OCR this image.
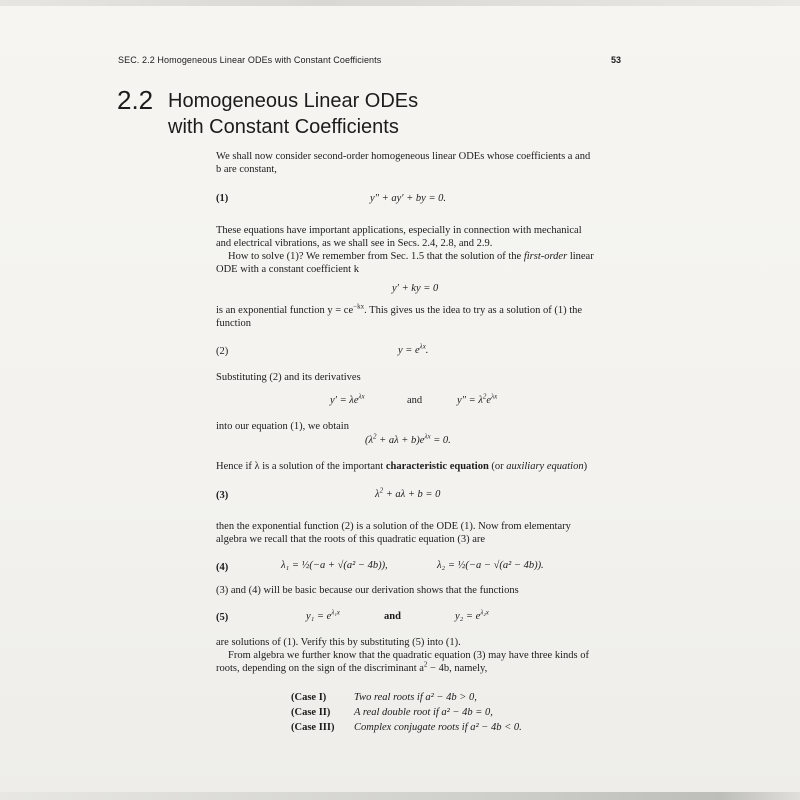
SEC. 2.2 Homogeneous Linear ODEs with Constant Coefficients	53
2.2 Homogeneous Linear ODEs
with Constant Coefficients
We shall now consider second-order homogeneous linear ODEs whose coefficients a and
b are constant,
(1)	y″ + ay′ + by = 0.
These equations have important applications, especially in connection with mechanical
and electrical vibrations, as we shall see in Secs. 2.4, 2.8, and 2.9.
How to solve (1)? We remember from Sec. 1.5 that the solution of the first-order linear
ODE with a constant coefficient k
y′ + ky = 0
is an exponential function $y = ce^{-kx}$. This gives us the idea to try as a solution of (1) the
function
(2)	$y = e^{\lambda x}$.
Substituting (2) and its derivatives
$y' = \lambda e^{\lambda x}$	and	$y'' = \lambda^2e^{\lambda x}$
into our equation (1), we obtain
$(\lambda^2 + a\lambda + b)e^{\lambda x} = 0$.
Hence if λ is a solution of the important characteristic equation (or auxiliary equation)
(3)	$\lambda^2 + a\lambda + b = 0$
then the exponential function (2) is a solution of the ODE (1). Now from elementary
algebra we recall that the roots of this quadratic equation (3) are
(4)	λ₁ = ½(−a + √(a² − 4b)),	λ₂ = ½(−a − √(a² − 4b)).
(3) and (4) will be basic because our derivation shows that the functions
(5)	$y_1 = e^{\lambda_1x}$	and	$y_2 = e^{\lambda_2x}$
are solutions of (1). Verify this by substituting (5) into (1).
From algebra we further know that the quadratic equation (3) may have three kinds of
roots, depending on the sign of the discriminant $a^2 - 4b$, namely,
(Case I)	Two real roots if a² − 4b > 0,
(Case II) A real double root if a² − 4b = 0,
(Case III) Complex conjugate roots if a² − 4b < 0.
